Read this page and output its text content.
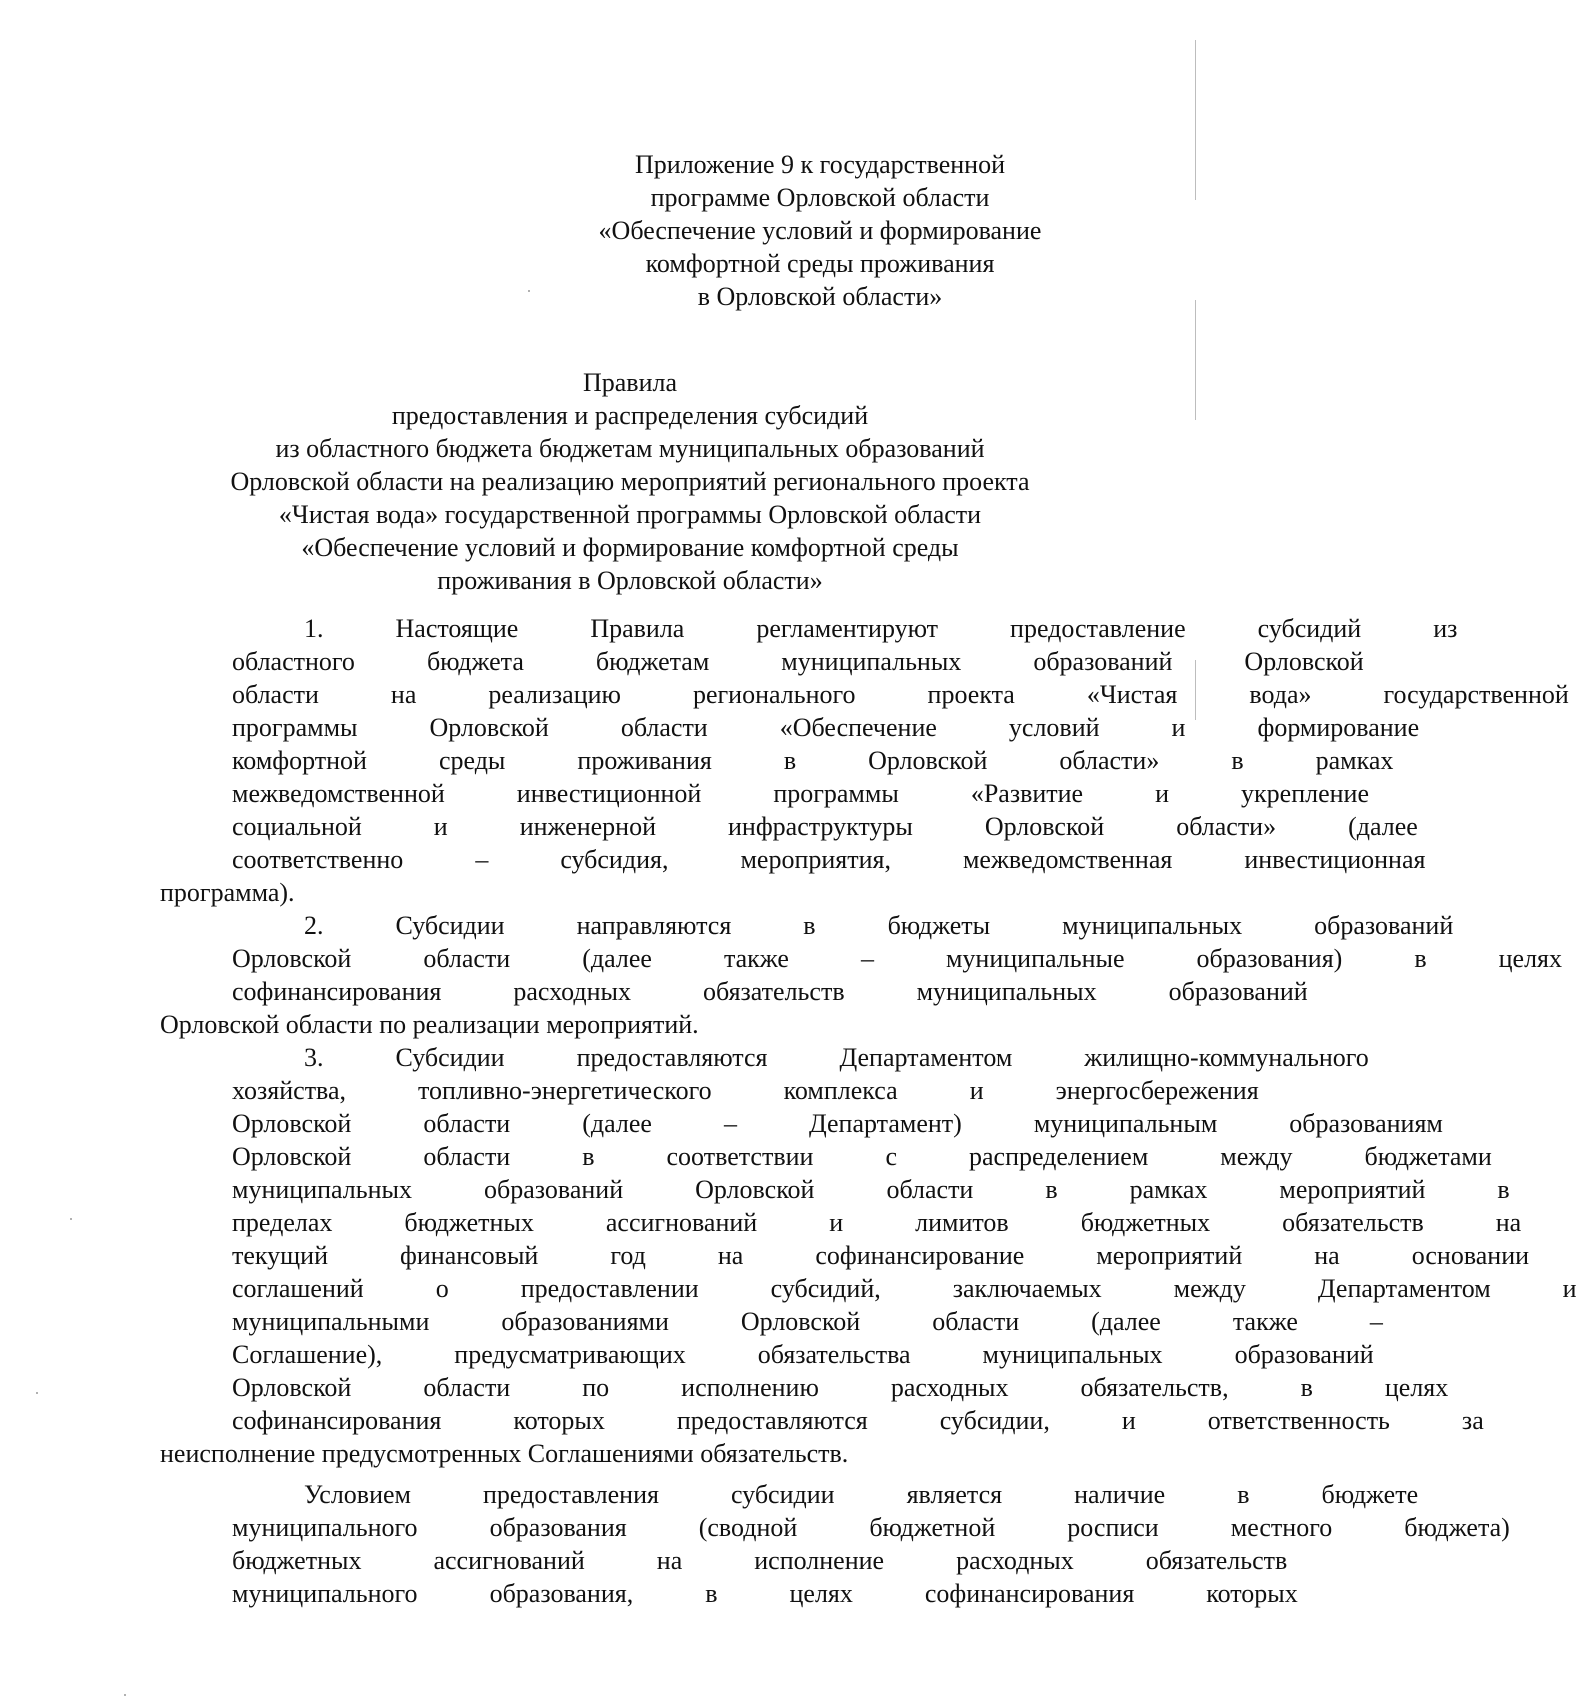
Приложение 9 к государственной
программе Орловской области
«Обеспечение условий и формирование
комфортной среды проживания
в Орловской области»
Правила
предоставления и распределения субсидий
из областного бюджета бюджетам муниципальных образований
Орловской области на реализацию мероприятий регионального проекта
«Чистая вода» государственной программы Орловской области
«Обеспечение условий и формирование комфортной среды
проживания в Орловской области»
1.	Настоящие	Правила	регламентируют	предоставление	субсидий	из
областного	бюджета	бюджетам	муниципальных	образований	Орловской
области	на	реализацию	регионального	проекта	«Чистая	вода»	государственной
программы	Орловской	области	«Обеспечение	условий	и	формирование
комфортной	среды	проживания	в	Орловской	области»	в	рамках
межведомственной	инвестиционной	программы	«Развитие	и	укрепление
социальной	и	инженерной	инфраструктуры	Орловской	области»	(далее
соответственно	–	субсидия,	мероприятия,	межведомственная	инвестиционная
программа).
2.	Субсидии	направляются	в	бюджеты	муниципальных	образований
Орловской	области	(далее	также	–	муниципальные	образования)	в	целях
софинансирования	расходных	обязательств	муниципальных	образований
Орловской области по реализации мероприятий.
3.	Субсидии	предоставляются	Департаментом	жилищно-коммунального
хозяйства,	топливно-энергетического	комплекса	и	энергосбережения
Орловской	области	(далее	–	Департамент)	муниципальным	образованиям
Орловской	области	в	соответствии	с	распределением	между	бюджетами
муниципальных	образований	Орловской	области	в	рамках	мероприятий	в
пределах	бюджетных	ассигнований	и	лимитов	бюджетных	обязательств	на
текущий	финансовый	год	на	софинансирование	мероприятий	на	основании
соглашений	о	предоставлении	субсидий,	заключаемых	между	Департаментом	и
муниципальными	образованиями	Орловской	области	(далее	также	–
Соглашение),	предусматривающих	обязательства	муниципальных	образований
Орловской	области	по	исполнению	расходных	обязательств,	в	целях
софинансирования	которых	предоставляются	субсидии,	и	ответственность	за
неисполнение предусмотренных Соглашениями обязательств.
Условием	предоставления	субсидии	является	наличие	в	бюджете
муниципального	образования	(сводной	бюджетной	росписи	местного	бюджета)
бюджетных	ассигнований	на	исполнение	расходных	обязательств
муниципального	образования,	в	целях	софинансирования	которых
